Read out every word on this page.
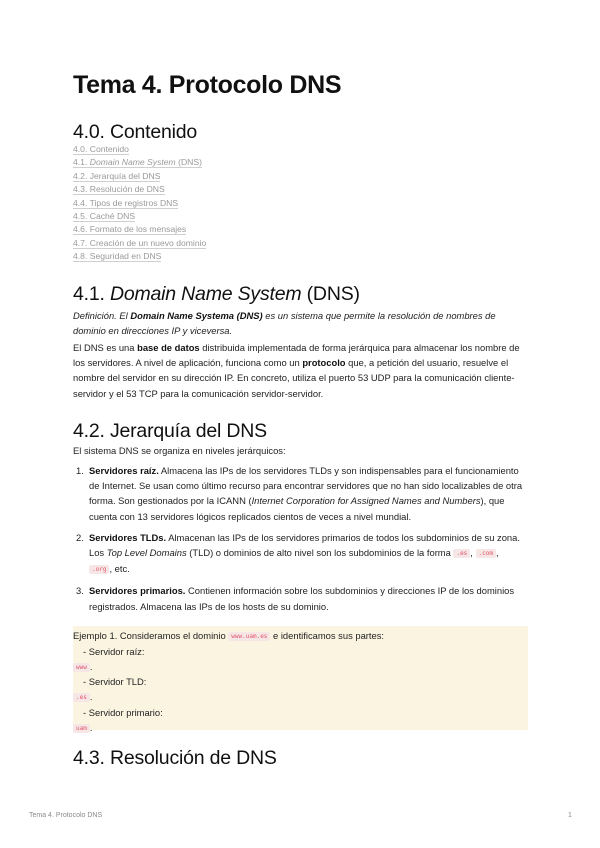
Tema 4. Protocolo DNS
4.0. Contenido
4.0. Contenido
4.1. Domain Name System (DNS)
4.2. Jerarquía del DNS
4.3. Resolución de DNS
4.4. Tipos de registros DNS
4.5. Caché DNS
4.6. Formato de los mensajes
4.7. Creación de un nuevo dominio
4.8. Seguridad en DNS
4.1. Domain Name System (DNS)

Definición. El Domain Name Systema (DNS) es un sistema que permite la resolución de nombres de dominio en direcciones IP y viceversa.

El DNS es una base de datos distribuida implementada de forma jerárquica para almacenar los nombre de los servidores. A nivel de aplicación, funciona como un protocolo que, a petición del usuario, resuelve el nombre del servidor en su dirección IP. En concreto, utiliza el puerto 53 UDP para la comunicación cliente-servidor y el 53 TCP para la comunicación servidor-servidor.

4.2. Jerarquía del DNS

El sistema DNS se organiza en niveles jerárquicos:

1. Servidores raíz. Almacena las IPs de los servidores TLDs y son indispensables para el funcionamiento de Internet. Se usan como último recurso para encontrar servidores que no han sido localizables de otra forma. Son gestionados por la ICANN (Internet Corporation for Assigned Names and Numbers), que cuenta con 13 servidores lógicos replicados cientos de veces a nivel mundial.
2. Servidores TLDs. Almacenan las IPs de los servidores primarios de todos los subdominios de su zona. Los Top Level Domains (TLD) o dominios de alto nivel son los subdominios de la forma .es , .com , .org , etc.
3. Servidores primarios. Contienen información sobre los subdominios y direcciones IP de los dominios registrados. Almacena las IPs de los hosts de su dominio.
Ejemplo 1. Consideramos el dominio www.uam.es e identificamos sus partes:
- Servidor raíz:
www .
- Servidor TLD:
.es .
- Servidor primario:
uam .
4.3. Resolución de DNS
Tema 4. Protocolo DNS	1
